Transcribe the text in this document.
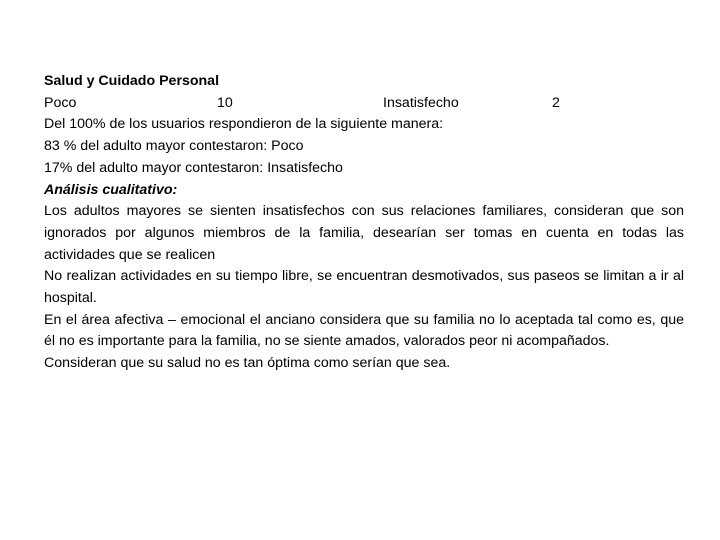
Salud y Cuidado Personal
Poco	10	Insatisfecho	2
Del 100% de los usuarios respondieron de la siguiente manera:
83 % del adulto mayor contestaron: Poco
17% del adulto mayor contestaron: Insatisfecho
Análisis cualitativo:
Los adultos mayores se sienten insatisfechos con sus relaciones familiares, consideran que son ignorados por algunos miembros de la familia, desearían ser tomas en cuenta en todas las actividades que se realicen
No realizan actividades en su tiempo libre, se encuentran desmotivados, sus paseos se limitan a ir al hospital.
En el área afectiva – emocional el anciano considera que su familia no lo aceptada tal como es, que él no es importante para la familia, no se siente amados, valorados peor ni acompañados.
Consideran que su salud no es tan óptima como serían que sea.
